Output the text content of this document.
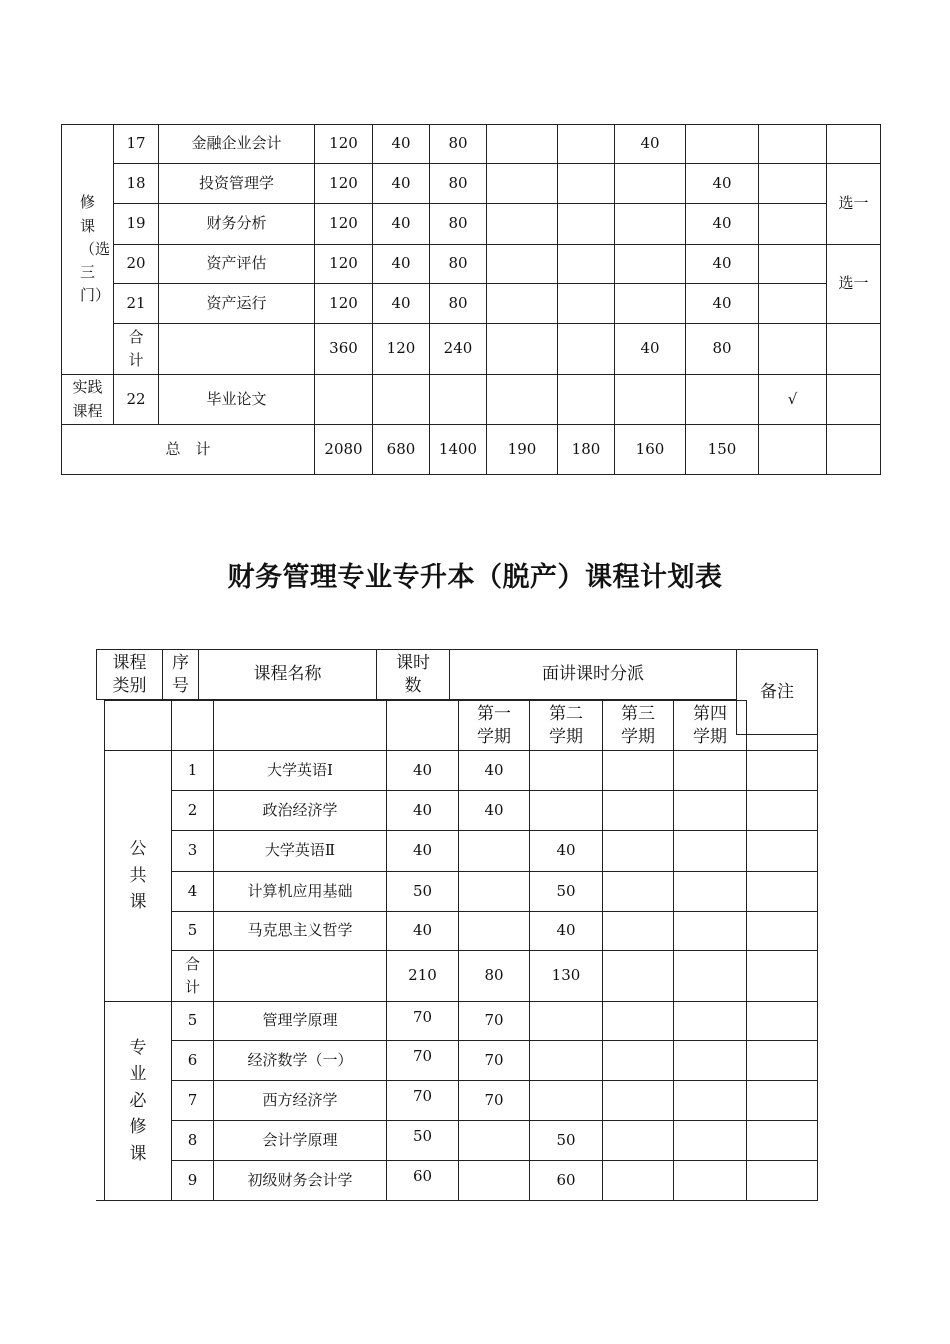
修课（选三门）	17	金融企业会计	120	40	80			40			
	18	投资管理学	120	40	80				40		选一
	19	财务分析	120	40	80				40		
	20	资产评估	120	40	80				40		选一
	21	资产运行	120	40	80				40		
	合计		360	120	240			40	80		
实践课程	22	毕业论文								√	
总　计			2080	680	1400	190	180	160	150		
财务管理专业专升本（脱产）课程计划表
课程类别	序号	课程名称	课时数	面讲课时分派	备注

				第一学期	第二学期	第三学期	第四学期	
公共课	1	大学英语Ⅰ	40	40				
	2	政治经济学	40	40				
	3	大学英语Ⅱ	40		40			
	4	计算机应用基础	50		50			
	5	马克思主义哲学	40		40			
	合计		210	80	130			
专业必修课	5	管理学原理	70	70				
	6	经济数学（一）	70	70				
	7	西方经济学	70	70				
	8	会计学原理	50		50			
	9	初级财务会计学	60		60			
